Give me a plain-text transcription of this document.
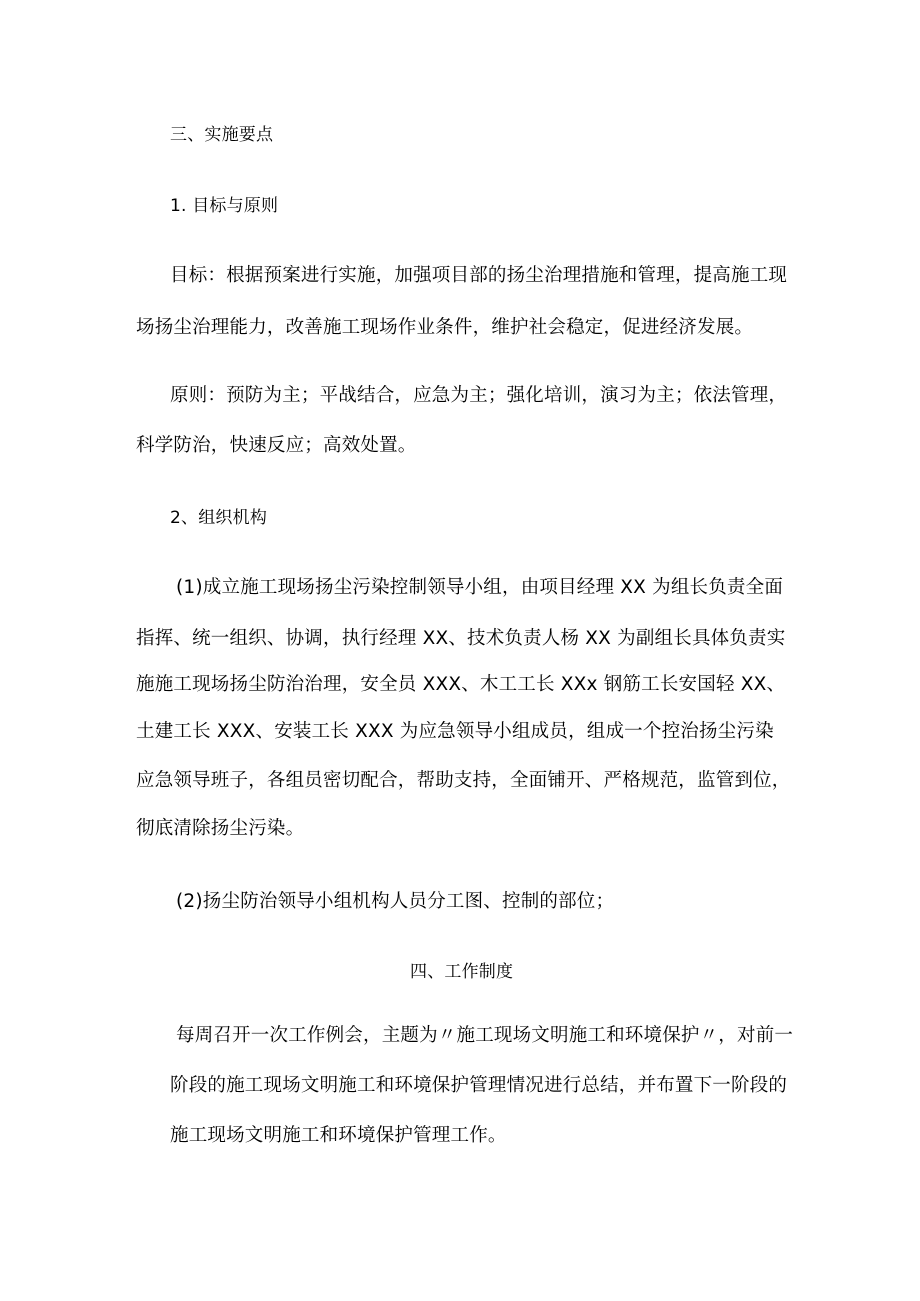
三、实施要点
1. 目标与原则
目标：根据预案进行实施，加强项目部的扬尘治理措施和管理，提高施工现
场扬尘治理能力，改善施工现场作业条件，维护社会稳定，促进经济发展。
原则：预防为主；平战结合，应急为主；强化培训，演习为主；依法管理，
科学防治，快速反应；高效处置。
2、组织机构
(1)成立施工现场扬尘污染控制领导小组，由项目经理 XX 为组长负责全面
指挥、统一组织、协调，执行经理 XX、技术负责人杨 XX 为副组长具体负责实
施施工现场扬尘防治治理，安全员 XXX、木工工长 XXx 钢筋工长安国轻 XX、
土建工长 XXX、安装工长 XXX 为应急领导小组成员，组成一个控治扬尘污染
应急领导班子，各组员密切配合，帮助支持，全面铺开、严格规范，监管到位，
彻底清除扬尘污染。
(2)扬尘防治领导小组机构人员分工图、控制的部位；
四、工作制度
每周召开一次工作例会，主题为〃施工现场文明施工和环境保护〃，对前一
阶段的施工现场文明施工和环境保护管理情况进行总结，并布置下一阶段的
施工现场文明施工和环境保护管理工作。
